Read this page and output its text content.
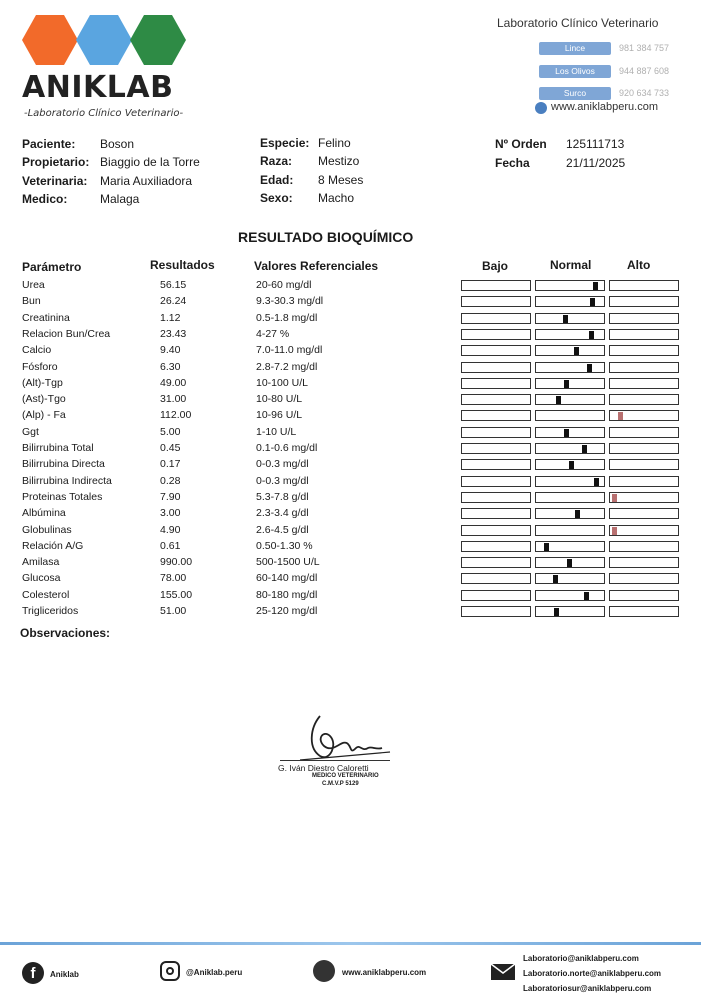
ANIKLAB
-Laboratorio Clínico Veterinario-
Laboratorio Clínico Veterinario
Lince	981 384 757
Los Olivos	944 887 608
Surco	920 634 733
www.aniklabperu.com
Paciente: Boson
Propietario: Biaggio de la Torre
Veterinaria: Maria Auxiliadora
Medico:	Malaga
Especie: Felino
Raza: Mestizo
Edad: 8 Meses
Sexo: Macho
Nº Orden 125111713
Fecha	21/11/2025
RESULTADO BIOQUÍMICO
Parámetro	Resultados	Valores Referenciales	Bajo	Normal	Alto
Urea	56.15	20-60 mg/dl
Bun	26.24	9.3-30.3 mg/dl
Creatinina	1.12	0.5-1.8 mg/dl
Relacion Bun/Crea	23.43	4-27 %
Calcio	9.40	7.0-11.0 mg/dl
Fósforo	6.30	2.8-7.2 mg/dl
(Alt)-Tgp	49.00	10-100 U/L
(Ast)-Tgo	31.00	10-80 U/L
(Alp) - Fa	112.00	10-96 U/L
Ggt	5.00	1-10 U/L
Bilirrubina Total	0.45	0.1-0.6 mg/dl
Bilirrubina Directa	0.17	0-0.3 mg/dl
Bilirrubina Indirecta	0.28	0-0.3 mg/dl
Proteinas Totales	7.90	5.3-7.8 g/dl
Albúmina	3.00	2.3-3.4 g/dl
Globulinas	4.90	2.6-4.5 g/dl
Relación A/G	0.61	0.50-1.30 %
Amilasa	990.00	500-1500 U/L
Glucosa	78.00	60-140 mg/dl
Colesterol	155.00	80-180 mg/dl
Trigliceridos	51.00	25-120 mg/dl
Observaciones:
G. Iván Diestro Caloretti
MEDICO VETERINARIO
C.M.V.P 5129
f	Aniklab	@Aniklab.peru	www.aniklabperu.com
Laboratorio@aniklabperu.com
Laboratorio.norte@aniklabperu.com
Laboratoriosur@aniklabperu.com
